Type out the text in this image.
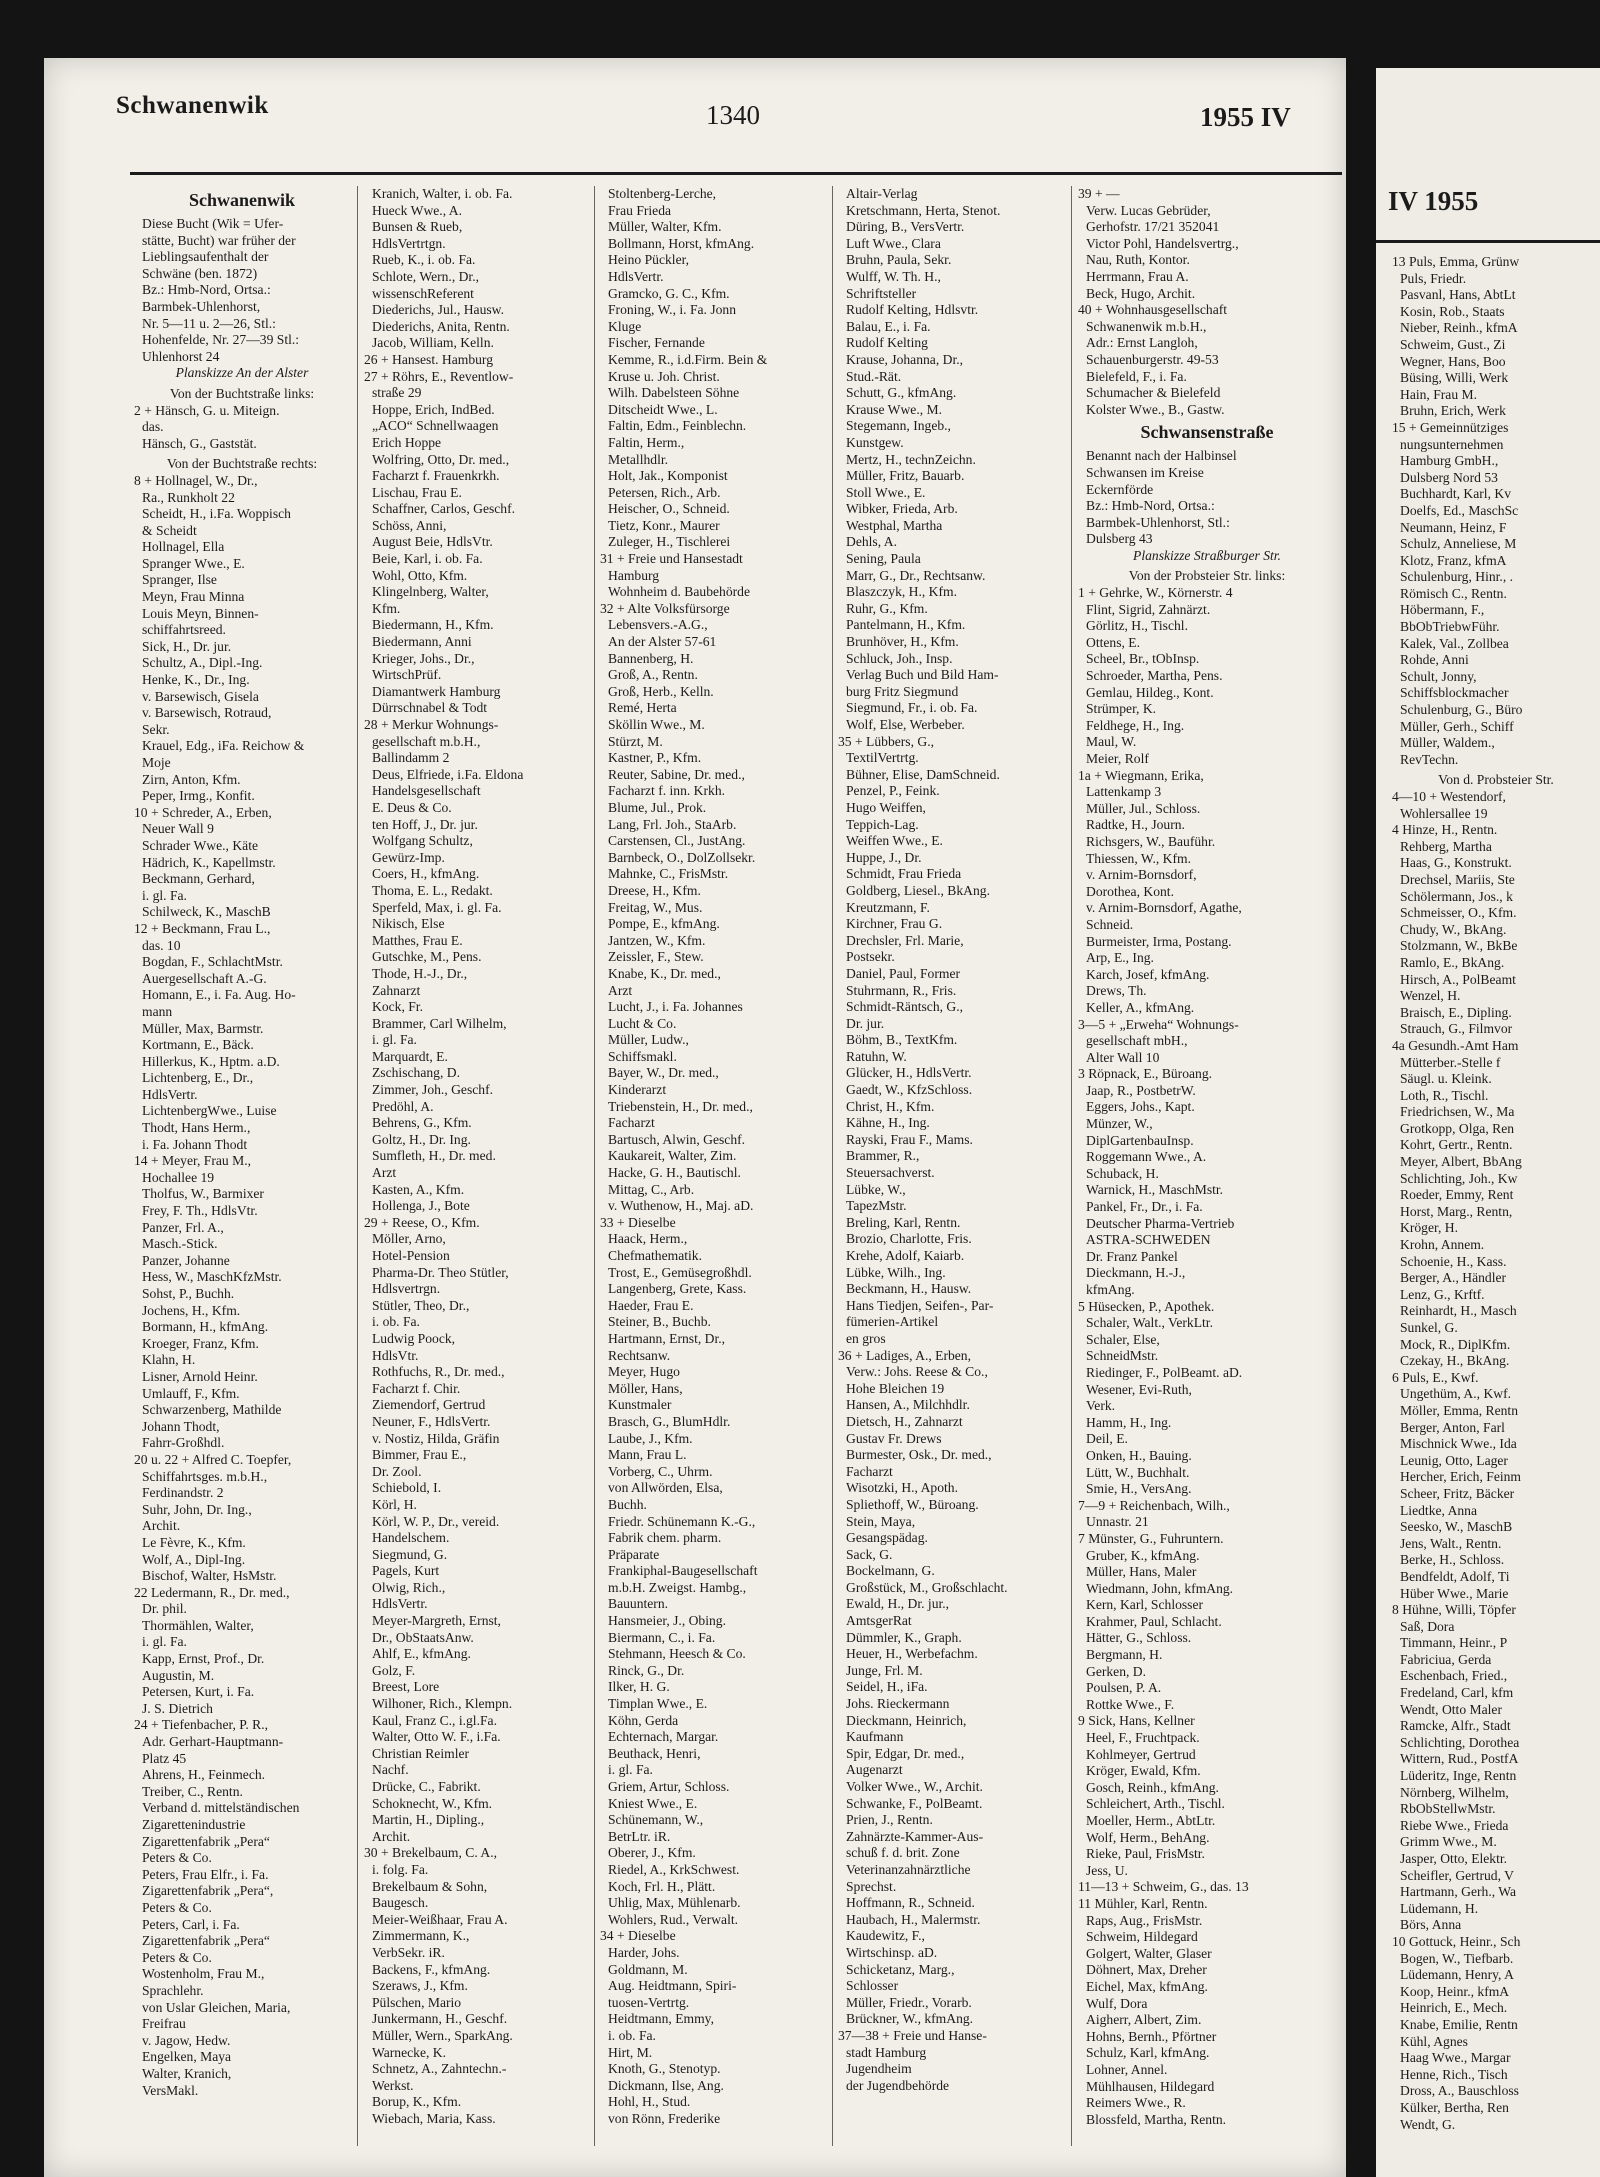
IV 1955

13 Puls, Emma, Grünw

Puls, Friedr.

Pasvanl, Hans, AbtLt

Kosin, Rob., Staats

Nieber, Reinh., kfmA

Schweim, Gust., Zi

Wegner, Hans, Boo

Büsing, Willi, Werk

Hain, Frau M.

Bruhn, Erich, Werk

15 + Gemeinnütziges

nungsunternehmen

Hamburg GmbH.,

Dulsberg Nord 53

Buchhardt, Karl, Kv

Doelfs, Ed., MaschSc

Neumann, Heinz, F

Schulz, Anneliese, M

Klotz, Franz, kfmA

Schulenburg, Hinr., .

Römisch C., Rentn.

Höbermann, F.,

BbObTriebwFühr.

Kalek, Val., Zollbea

Rohde, Anni

Schult, Jonny,

Schiffsblockmacher

Schulenburg, G., Büro

Müller, Gerh., Schiff

Müller, Waldem.,

RevTechn.

Von d. Probsteier Str.

4—10 + Westendorf,

Wohlersallee 19

4 Hinze, H., Rentn.

Rehberg, Martha

Haas, G., Konstrukt.

Drechsel, Mariis, Ste

Schölermann, Jos., k

Schmeisser, O., Kfm.

Chudy, W., BkAng.

Stolzmann, W., BkBe

Ramlo, E., BkAng.

Hirsch, A., PolBeamt

Wenzel, H.

Braisch, E., Dipling.

Strauch, G., Filmvor

4a Gesundh.-Amt Ham

Mütterber.-Stelle f

Säugl. u. Kleink.

Loth, R., Tischl.

Friedrichsen, W., Ma

Grotkopp, Olga, Ren

Kohrt, Gertr., Rentn.

Meyer, Albert, BbAng

Schlichting, Joh., Kw

Roeder, Emmy, Rent

Horst, Marg., Rentn,

Kröger, H.

Krohn, Annem.

Schoenie, H., Kass.

Berger, A., Händler

Lenz, G., Krftf.

Reinhardt, H., Masch

Sunkel, G.

Mock, R., DiplKfm.

Czekay, H., BkAng.

6 Puls, E., Kwf.

Ungethüm, A., Kwf.

Möller, Emma, Rentn

Berger, Anton, Farl

Mischnick Wwe., Ida

Leunig, Otto, Lager

Hercher, Erich, Feinm

Scheer, Fritz, Bäcker

Liedtke, Anna

Seesko, W., MaschB

Jens, Walt., Rentn.

Berke, H., Schloss.

Bendfeldt, Adolf, Ti

Hüber Wwe., Marie

8 Hühne, Willi, Töpfer

Saß, Dora

Timmann, Heinr., P

Fabriciua, Gerda

Eschenbach, Fried.,

Fredeland, Carl, kfm

Wendt, Otto Maler

Ramcke, Alfr., Stadt

Schlichting, Dorothea

Wittern, Rud., PostfA

Lüderitz, Inge, Rentn

Nörnberg, Wilhelm,

RbObStellwMstr.

Riebe Wwe., Frieda

Grimm Wwe., M.

Jasper, Otto, Elektr.

Scheifler, Gertrud, V

Hartmann, Gerh., Wa

Lüdemann, H.

Börs, Anna

10 Gottuck, Heinr., Sch

Bogen, W., Tiefbarb.

Lüdemann, Henry, A

Koop, Heinr., kfmA

Heinrich, E., Mech.

Knabe, Emilie, Rentn

Kühl, Agnes

Haag Wwe., Margar

Henne, Rich., Tisch

Dross, A., Bauschloss

Külker, Bertha, Ren

Wendt, G.

Schwanenwik	1340	1955 IV

Schwanenwik

Diese Bucht (Wik = Ufer-

stätte, Bucht) war früher der

Lieblingsaufenthalt der

Schwäne (ben. 1872)

Bz.: Hmb-Nord, Ortsa.:

Barmbek-Uhlenhorst,

Nr. 5—11 u. 2—26, Stl.:

Hohenfelde, Nr. 27—39 Stl.:

Uhlenhorst 24

Planskizze An der Alster

Von der Buchtstraße links:

2 + Hänsch, G. u. Miteign.

das.

Hänsch, G., Gaststät.

Von der Buchtstraße rechts:

8 + Hollnagel, W., Dr.,

Ra., Runkholt 22

Scheidt, H., i.Fa. Woppisch

& Scheidt

Hollnagel, Ella

Spranger Wwe., E.

Spranger, Ilse

Meyn, Frau Minna

Louis Meyn, Binnen-

schiffahrtsreed.

Sick, H., Dr. jur.

Schultz, A., Dipl.-Ing.

Henke, K., Dr., Ing.

v. Barsewisch, Gisela

v. Barsewisch, Rotraud,

Sekr.

Krauel, Edg., iFa. Reichow &

Moje

Zirn, Anton, Kfm.

Peper, Irmg., Konfit.

10 + Schreder, A., Erben,

Neuer Wall 9

Schrader Wwe., Käte

Hädrich, K., Kapellmstr.

Beckmann, Gerhard,

i. gl. Fa.

Schilweck, K., MaschB

12 + Beckmann, Frau L.,

das. 10

Bogdan, F., SchlachtMstr.

Auergesellschaft A.-G.

Homann, E., i. Fa. Aug. Ho-

mann

Müller, Max, Barmstr.

Kortmann, E., Bäck.

Hillerkus, K., Hptm. a.D.

Lichtenberg, E., Dr.,

HdlsVertr.

LichtenbergWwe., Luise

Thodt, Hans Herm.,

i. Fa. Johann Thodt

14 + Meyer, Frau M.,

Hochallee 19

Tholfus, W., Barmixer

Frey, F. Th., HdlsVtr.

Panzer, Frl. A.,

Masch.-Stick.

Panzer, Johanne

Hess, W., MaschKfzMstr.

Sohst, P., Buchh.

Jochens, H., Kfm.

Bormann, H., kfmAng.

Kroeger, Franz, Kfm.

Klahn, H.

Lisner, Arnold Heinr.

Umlauff, F., Kfm.

Schwarzenberg, Mathilde

Johann Thodt,

Fahrr-Großhdl.

20 u. 22 + Alfred C. Toepfer,

Schiffahrtsges. m.b.H.,

Ferdinandstr. 2

Suhr, John, Dr. Ing.,

Archit.

Le Fèvre, K., Kfm.

Wolf, A., Dipl-Ing.

Bischof, Walter, HsMstr.

22 Ledermann, R., Dr. med.,

Dr. phil.

Thormählen, Walter,

i. gl. Fa.

Kapp, Ernst, Prof., Dr.

Augustin, M.

Petersen, Kurt, i. Fa.

J. S. Dietrich

24 + Tiefenbacher, P. R.,

Adr. Gerhart-Hauptmann-

Platz 45

Ahrens, H., Feinmech.

Treiber, C., Rentn.

Verband d. mittelständischen

Zigarettenindustrie

Zigarettenfabrik „Pera“

Peters & Co.

Peters, Frau Elfr., i. Fa.

Zigarettenfabrik „Pera“,

Peters & Co.

Peters, Carl, i. Fa.

Zigarettenfabrik „Pera“

Peters & Co.

Wostenholm, Frau M.,

Sprachlehr.

von Uslar Gleichen, Maria,

Freifrau

v. Jagow, Hedw.

Engelken, Maya

Walter, Kranich,

VersMakl.

Kranich, Walter, i. ob. Fa.

Hueck Wwe., A.

Bunsen & Rueb,

HdlsVertrtgn.

Rueb, K., i. ob. Fa.

Schlote, Wern., Dr.,

wissenschReferent

Diederichs, Jul., Hausw.

Diederichs, Anita, Rentn.

Jacob, William, Kelln.

26 + Hansest. Hamburg

27 + Röhrs, E., Reventlow-

straße 29

Hoppe, Erich, IndBed.

„ACO“ Schnellwaagen

Erich Hoppe

Wolfring, Otto, Dr. med.,

Facharzt f. Frauenkrkh.

Lischau, Frau E.

Schaffner, Carlos, Geschf.

Schöss, Anni,

August Beie, HdlsVtr.

Beie, Karl, i. ob. Fa.

Wohl, Otto, Kfm.

Klingelnberg, Walter,

Kfm.

Biedermann, H., Kfm.

Biedermann, Anni

Krieger, Johs., Dr.,

WirtschPrüf.

Diamantwerk Hamburg

Dürrschnabel & Todt

28 + Merkur Wohnungs-

gesellschaft m.b.H.,

Ballindamm 2

Deus, Elfriede, i.Fa. Eldona

Handelsgesellschaft

E. Deus & Co.

ten Hoff, J., Dr. jur.

Wolfgang Schultz,

Gewürz-Imp.

Coers, H., kfmAng.

Thoma, E. L., Redakt.

Sperfeld, Max, i. gl. Fa.

Nikisch, Else

Matthes, Frau E.

Gutschke, M., Pens.

Thode, H.-J., Dr.,

Zahnarzt

Kock, Fr.

Brammer, Carl Wilhelm,

i. gl. Fa.

Marquardt, E.

Zschischang, D.

Zimmer, Joh., Geschf.

Predöhl, A.

Behrens, G., Kfm.

Goltz, H., Dr. Ing.

Sumfleth, H., Dr. med.

Arzt

Kasten, A., Kfm.

Hollenga, J., Bote

29 + Reese, O., Kfm.

Möller, Arno,

Hotel-Pension

Pharma-Dr. Theo Stütler,

Hdlsvertrgn.

Stütler, Theo, Dr.,

i. ob. Fa.

Ludwig Poock,

HdlsVtr.

Rothfuchs, R., Dr. med.,

Facharzt f. Chir.

Ziemendorf, Gertrud

Neuner, F., HdlsVertr.

v. Nostiz, Hilda, Gräfin

Bimmer, Frau E.,

Dr. Zool.

Schiebold, I.

Körl, H.

Körl, W. P., Dr., vereid.

Handelschem.

Siegmund, G.

Pagels, Kurt

Olwig, Rich.,

HdlsVertr.

Meyer-Margreth, Ernst,

Dr., ObStaatsAnw.

Ahlf, E., kfmAng.

Golz, F.

Breest, Lore

Wilhoner, Rich., Klempn.

Kaul, Franz C., i.gl.Fa.

Walter, Otto W. F., i.Fa.

Christian Reimler

Nachf.

Drücke, C., Fabrikt.

Schoknecht, W., Kfm.

Martin, H., Dipling.,

Archit.

30 + Brekelbaum, C. A.,

i. folg. Fa.

Brekelbaum & Sohn,

Baugesch.

Meier-Weißhaar, Frau A.

Zimmermann, K.,

VerbSekr. iR.

Backens, F., kfmAng.

Szeraws, J., Kfm.

Pülschen, Mario

Junkermann, H., Geschf.

Müller, Wern., SparkAng.

Warnecke, K.

Schnetz, A., Zahntechn.-

Werkst.

Borup, K., Kfm.

Wiebach, Maria, Kass.

Stoltenberg-Lerche,

Frau Frieda

Müller, Walter, Kfm.

Bollmann, Horst, kfmAng.

Heino Pückler,

HdlsVertr.

Gramcko, G. C., Kfm.

Froning, W., i. Fa. Jonn

Kluge

Fischer, Fernande

Kemme, R., i.d.Firm. Bein &

Kruse u. Joh. Christ.

Wilh. Dabelsteen Söhne

Ditscheidt Wwe., L.

Faltin, Edm., Feinblechn.

Faltin, Herm.,

Metallhdlr.

Holt, Jak., Komponist

Petersen, Rich., Arb.

Heischer, O., Schneid.

Tietz, Konr., Maurer

Zuleger, H., Tischlerei

31 + Freie und Hansestadt

Hamburg

Wohnheim d. Baubehörde

32 + Alte Volksfürsorge

Lebensvers.-A.G.,

An der Alster 57-61

Bannenberg, H.

Groß, A., Rentn.

Groß, Herb., Kelln.

Remé, Herta

Sköllin Wwe., M.

Stürzt, M.

Kastner, P., Kfm.

Reuter, Sabine, Dr. med.,

Facharzt f. inn. Krkh.

Blume, Jul., Prok.

Lang, Frl. Joh., StaArb.

Carstensen, Cl., JustAng.

Barnbeck, O., DolZollsekr.

Mahnke, C., FrisMstr.

Dreese, H., Kfm.

Freitag, W., Mus.

Pompe, E., kfmAng.

Jantzen, W., Kfm.

Zeissler, F., Stew.

Knabe, K., Dr. med.,

Arzt

Lucht, J., i. Fa. Johannes

Lucht & Co.

Müller, Ludw.,

Schiffsmakl.

Bayer, W., Dr. med.,

Kinderarzt

Triebenstein, H., Dr. med.,

Facharzt

Bartusch, Alwin, Geschf.

Kaukareit, Walter, Zim.

Hacke, G. H., Bautischl.

Mittag, C., Arb.

v. Wuthenow, H., Maj. aD.

33 + Dieselbe

Haack, Herm.,

Chefmathematik.

Trost, E., Gemüsegroßhdl.

Langenberg, Grete, Kass.

Haeder, Frau E.

Steiner, B., Buchb.

Hartmann, Ernst, Dr.,

Rechtsanw.

Meyer, Hugo

Möller, Hans,

Kunstmaler

Brasch, G., BlumHdlr.

Laube, J., Kfm.

Mann, Frau L.

Vorberg, C., Uhrm.

von Allwörden, Elsa,

Buchh.

Friedr. Schünemann K.-G.,

Fabrik chem. pharm.

Präparate

Frankiphal-Baugesellschaft

m.b.H. Zweigst. Hambg.,

Bauuntern.

Hansmeier, J., Obing.

Biermann, C., i. Fa.

Stehmann, Heesch & Co.

Rinck, G., Dr.

Ilker, H. G.

Timplan Wwe., E.

Köhn, Gerda

Echternach, Margar.

Beuthack, Henri,

i. gl. Fa.

Griem, Artur, Schloss.

Kniest Wwe., E.

Schünemann, W.,

BetrLtr. iR.

Oberer, J., Kfm.

Riedel, A., KrkSchwest.

Koch, Frl. H., Plätt.

Uhlig, Max, Mühlenarb.

Wohlers, Rud., Verwalt.

34 + Dieselbe

Harder, Johs.

Goldmann, M.

Aug. Heidtmann, Spiri-

tuosen-Vertrtg.

Heidtmann, Emmy,

i. ob. Fa.

Hirt, M.

Knoth, G., Stenotyp.

Dickmann, Ilse, Ang.

Hohl, H., Stud.

von Rönn, Frederike

Altair-Verlag

Kretschmann, Herta, Stenot.

Düring, B., VersVertr.

Luft Wwe., Clara

Bruhn, Paula, Sekr.

Wulff, W. Th. H.,

Schriftsteller

Rudolf Kelting, Hdlsvtr.

Balau, E., i. Fa.

Rudolf Kelting

Krause, Johanna, Dr.,

Stud.-Rät.

Schutt, G., kfmAng.

Krause Wwe., M.

Stegemann, Ingeb.,

Kunstgew.

Mertz, H., technZeichn.

Müller, Fritz, Bauarb.

Stoll Wwe., E.

Wibker, Frieda, Arb.

Westphal, Martha

Dehls, A.

Sening, Paula

Marr, G., Dr., Rechtsanw.

Blaszczyk, H., Kfm.

Ruhr, G., Kfm.

Pantelmann, H., Kfm.

Brunhöver, H., Kfm.

Schluck, Joh., Insp.

Verlag Buch und Bild Ham-

burg Fritz Siegmund

Siegmund, Fr., i. ob. Fa.

Wolf, Else, Werbeber.

35 + Lübbers, G.,

TextilVertrtg.

Bühner, Elise, DamSchneid.

Penzel, P., Feink.

Hugo Weiffen,

Teppich-Lag.

Weiffen Wwe., E.

Huppe, J., Dr.

Schmidt, Frau Frieda

Goldberg, Liesel., BkAng.

Kreutzmann, F.

Kirchner, Frau G.

Drechsler, Frl. Marie,

Postsekr.

Daniel, Paul, Former

Stuhrmann, R., Fris.

Schmidt-Räntsch, G.,

Dr. jur.

Böhm, B., TextKfm.

Ratuhn, W.

Glücker, H., HdlsVertr.

Gaedt, W., KfzSchloss.

Christ, H., Kfm.

Kähne, H., Ing.

Rayski, Frau F., Mams.

Brammer, R.,

Steuersachverst.

Lübke, W.,

TapezMstr.

Breling, Karl, Rentn.

Brozio, Charlotte, Fris.

Krehe, Adolf, Kaiarb.

Lübke, Wilh., Ing.

Beckmann, H., Hausw.

Hans Tiedjen, Seifen-, Par-

fümerien-Artikel

en gros

36 + Ladiges, A., Erben,

Verw.: Johs. Reese & Co.,

Hohe Bleichen 19

Hansen, A., Milchhdlr.

Dietsch, H., Zahnarzt

Gustav Fr. Drews

Burmester, Osk., Dr. med.,

Facharzt

Wisotzki, H., Apoth.

Spliethoff, W., Büroang.

Stein, Maya,

Gesangspädag.

Sack, G.

Bockelmann, G.

Großstück, M., Großschlacht.

Ewald, H., Dr. jur.,

AmtsgerRat

Dümmler, K., Graph.

Heuer, H., Werbefachm.

Junge, Frl. M.

Seidel, H., iFa.

Johs. Rieckermann

Dieckmann, Heinrich,

Kaufmann

Spir, Edgar, Dr. med.,

Augenarzt

Volker Wwe., W., Archit.

Schwanke, F., PolBeamt.

Prien, J., Rentn.

Zahnärzte-Kammer-Aus-

schuß f. d. brit. Zone

Veterinanzahnärztliche

Sprechst.

Hoffmann, R., Schneid.

Haubach, H., Malermstr.

Kaudewitz, F.,

Wirtschinsp. aD.

Schicketanz, Marg.,

Schlosser

Müller, Friedr., Vorarb.

Brückner, W., kfmAng.

37—38 + Freie und Hanse-

stadt Hamburg

Jugendheim

der Jugendbehörde

39 + —

Verw. Lucas Gebrüder,

Gerhofstr. 17/21 352041

Victor Pohl, Handelsvertrg.,

Nau, Ruth, Kontor.

Herrmann, Frau A.

Beck, Hugo, Archit.

40 + Wohnhausgesellschaft

Schwanenwik m.b.H.,

Adr.: Ernst Langloh,

Schauenburgerstr. 49-53

Bielefeld, F., i. Fa.

Schumacher & Bielefeld

Kolster Wwe., B., Gastw.

Schwansenstraße

Benannt nach der Halbinsel

Schwansen im Kreise

Eckernförde

Bz.: Hmb-Nord, Ortsa.:

Barmbek-Uhlenhorst, Stl.:

Dulsberg 43

Planskizze Straßburger Str.

Von der Probsteier Str. links:

1 + Gehrke, W., Körnerstr. 4

Flint, Sigrid, Zahnärzt.

Görlitz, H., Tischl.

Ottens, E.

Scheel, Br., tObInsp.

Schroeder, Martha, Pens.

Gemlau, Hildeg., Kont.

Strümper, K.

Feldhege, H., Ing.

Maul, W.

Meier, Rolf

1a + Wiegmann, Erika,

Lattenkamp 3

Müller, Jul., Schloss.

Radtke, H., Journ.

Richsgers, W., Bauführ.

Thiessen, W., Kfm.

v. Arnim-Bornsdorf,

Dorothea, Kont.

v. Arnim-Bornsdorf, Agathe,

Schneid.

Burmeister, Irma, Postang.

Arp, E., Ing.

Karch, Josef, kfmAng.

Drews, Th.

Keller, A., kfmAng.

3—5 + „Erweha“ Wohnungs-

gesellschaft mbH.,

Alter Wall 10

3 Röpnack, E., Büroang.

Jaap, R., PostbetrW.

Eggers, Johs., Kapt.

Münzer, W.,

DiplGartenbauInsp.

Roggemann Wwe., A.

Schuback, H.

Warnick, H., MaschMstr.

Pankel, Fr., Dr., i. Fa.

Deutscher Pharma-Vertrieb

ASTRA-SCHWEDEN

Dr. Franz Pankel

Dieckmann, H.-J.,

kfmAng.

5 Hüsecken, P., Apothek.

Schaler, Walt., VerkLtr.

Schaler, Else,

SchneidMstr.

Riedinger, F., PolBeamt. aD.

Wesener, Evi-Ruth,

Verk.

Hamm, H., Ing.

Deil, E.

Onken, H., Bauing.

Lütt, W., Buchhalt.

Smie, H., VersAng.

7—9 + Reichenbach, Wilh.,

Unnastr. 21

7 Münster, G., Fuhruntern.

Gruber, K., kfmAng.

Müller, Hans, Maler

Wiedmann, John, kfmAng.

Kern, Karl, Schlosser

Krahmer, Paul, Schlacht.

Hätter, G., Schloss.

Bergmann, H.

Gerken, D.

Poulsen, P. A.

Rottke Wwe., F.

9 Sick, Hans, Kellner

Heel, F., Fruchtpack.

Kohlmeyer, Gertrud

Kröger, Ewald, Kfm.

Gosch, Reinh., kfmAng.

Schleichert, Arth., Tischl.

Moeller, Herm., AbtLtr.

Wolf, Herm., BehAng.

Rieke, Paul, FrisMstr.

Jess, U.

11—13 + Schweim, G., das. 13

11 Mühler, Karl, Rentn.

Raps, Aug., FrisMstr.

Schweim, Hildegard

Golgert, Walter, Glaser

Döhnert, Max, Dreher

Eichel, Max, kfmAng.

Wulf, Dora

Aigherr, Albert, Zim.

Hohns, Bernh., Pförtner

Schulz, Karl, kfmAng.

Lohner, Annel.

Mühlhausen, Hildegard

Reimers Wwe., R.

Blossfeld, Martha, Rentn.
